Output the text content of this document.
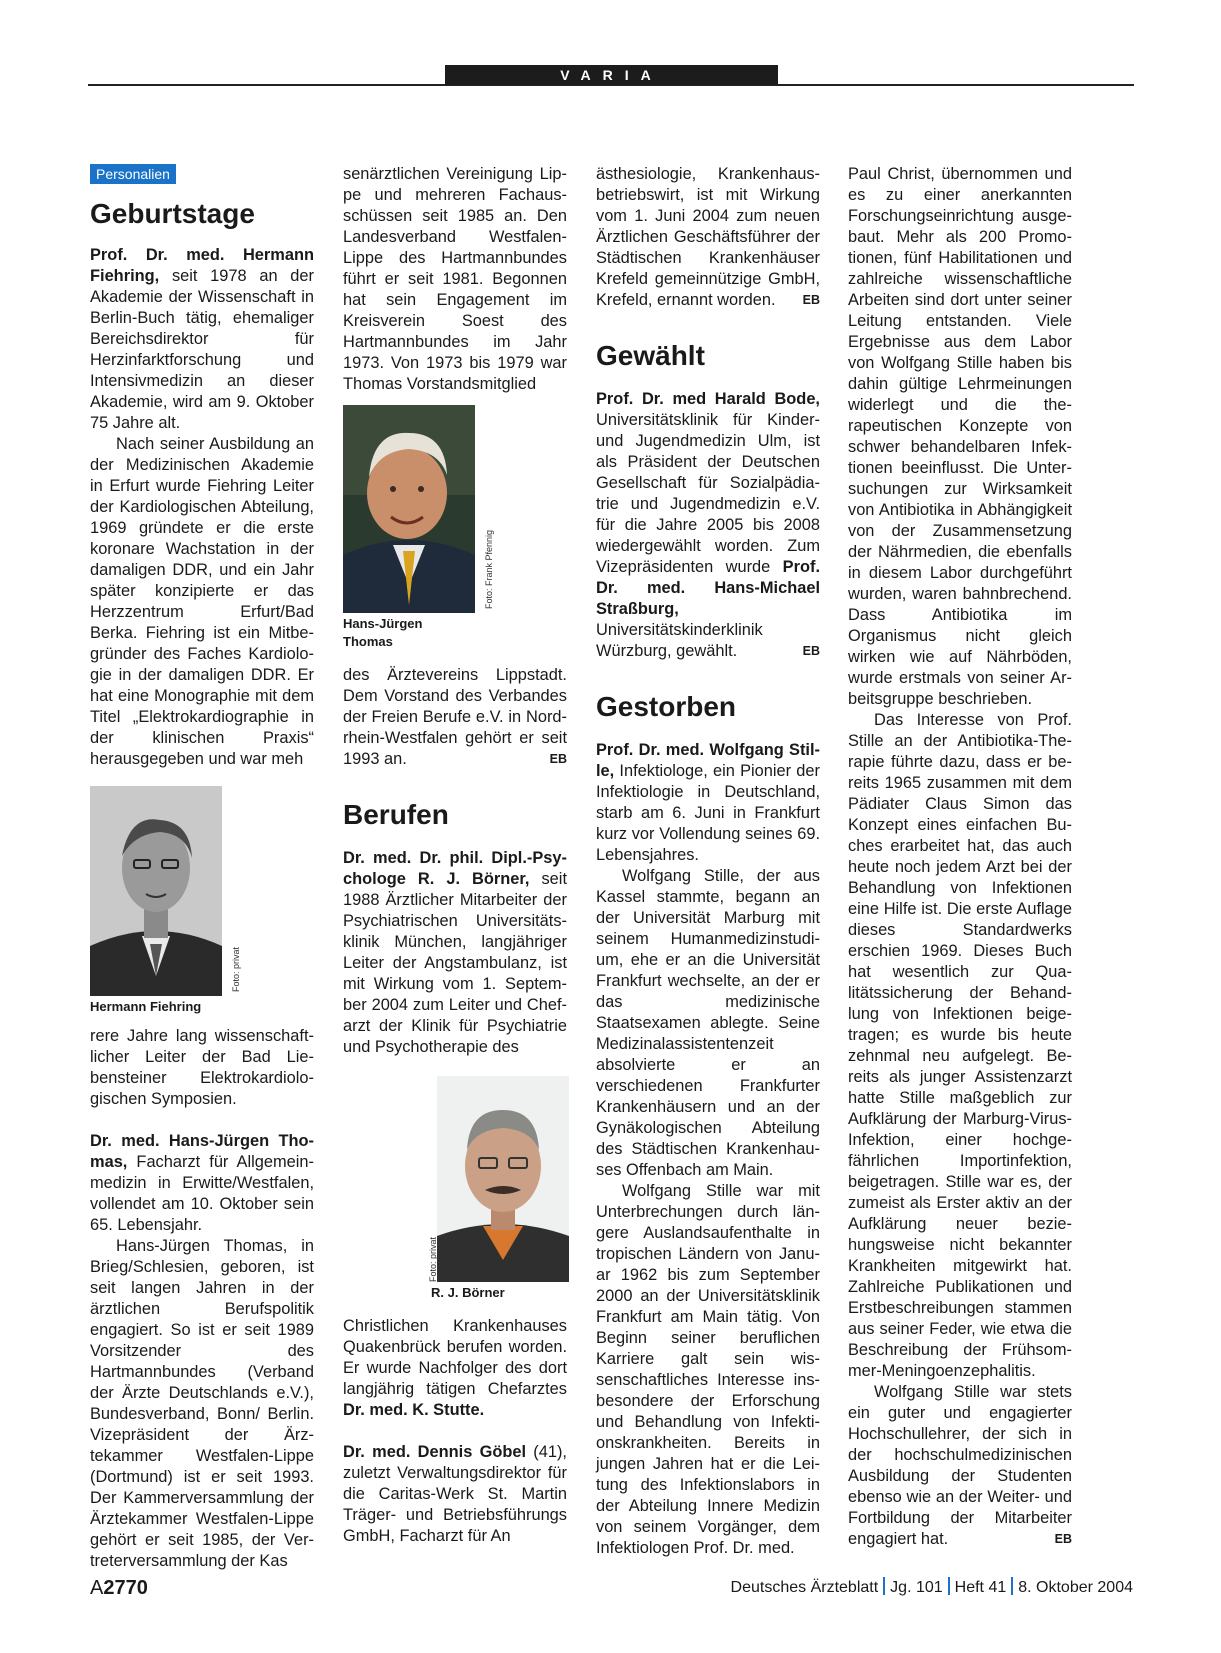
VARIA
Personalien
Geburtstage

Prof. Dr. med. Hermann Fiehring, seit 1978 an der Akademie der Wissenschaft in Berlin-Buch tätig, ehemaliger Bereichsdirektor für Herzinfarktforschung und Intensivmedizin an dieser Akademie, wird am 9. Oktober 75 Jahre alt.

Nach seiner Ausbildung an der Medizinischen Akademie in Erfurt wurde Fiehring Leiter der Kardiologischen Abteilung, 1969 gründete er die erste koronare Wachstation in der damaligen DDR, und ein Jahr später konzipierte er das Herzzentrum Erfurt/Bad Berka. Fiehring ist ein Mitbegründer des Faches Kardiologie in der damaligen DDR. Er hat eine Monographie mit dem Titel „Elektrokardiographie in der klinischen Praxis“ herausgegeben und war meh

Foto: privat
Hermann Fiehring

rere Jahre lang wissenschaftlicher Leiter der Bad Liebensteiner Elektrokardiologischen Symposien.

Dr. med. Hans-Jürgen Thomas, Facharzt für Allgemeinmedizin in Erwitte/Westfalen, vollendet am 10. Oktober sein 65. Lebensjahr.

Hans-Jürgen Thomas, in Brieg/Schlesien, geboren, ist seit langen Jahren in der ärztlichen Berufspolitik engagiert. So ist er seit 1989 Vorsitzender des Hartmannbundes (Verband der Ärzte Deutschlands e.V.), Bundesverband, Bonn/ Berlin. Vizepräsident der Ärztekammer Westfalen-Lippe (Dortmund) ist er seit 1993. Der Kammerversammlung der Ärztekammer Westfalen-Lippe gehört er seit 1985, der Vertreterversammlung der Kas

senärztlichen Vereinigung Lippe und mehreren Fachausschüssen seit 1985 an. Den Landesverband Westfalen-Lippe des Hartmannbundes führt er seit 1981. Begonnen hat sein Engagement im Kreisverein Soest des Hartmannbundes im Jahr 1973. Von 1973 bis 1979 war Thomas Vorstandsmitglied

Foto: Frank Pfennig
Hans-Jürgen Thomas

des Ärztevereins Lippstadt. Dem Vorstand des Verbandes der Freien Berufe e.V. in Nordrhein-Westfalen gehört er seit 1993 an.	EB

Berufen

Dr. med. Dr. phil. Dipl.-Psychologe R. J. Börner, seit 1988 Ärztlicher Mitarbeiter der Psychiatrischen Universitätsklinik München, langjähriger Leiter der Angstambulanz, ist mit Wirkung vom 1. September 2004 zum Leiter und Chefarzt der Klinik für Psychiatrie und Psychotherapie des

Foto: privat
R. J. Börner

Christlichen Krankenhauses Quakenbrück berufen worden. Er wurde Nachfolger des dort langjährig tätigen Chefarztes Dr. med. K. Stutte.

Dr. med. Dennis Göbel (41), zuletzt Verwaltungsdirektor für die Caritas-Werk St. Martin Träger- und Betriebsführungs GmbH, Facharzt für An

ästhesiologie, Krankenhausbetriebswirt, ist mit Wirkung vom 1. Juni 2004 zum neuen Ärztlichen Geschäftsführer der Städtischen Krankenhäuser Krefeld gemeinnützige GmbH, Krefeld, ernannt worden. EB

Gewählt

Prof. Dr. med Harald Bode, Universitätsklinik für Kinder- und Jugendmedizin Ulm, ist als Präsident der Deutschen Gesellschaft für Sozialpädiatrie und Jugendmedizin e.V. für die Jahre 2005 bis 2008 wiedergewählt worden. Zum Vizepräsidenten wurde Prof. Dr. med. Hans-Michael Straßburg, Universitätskinderklinik Würzburg, gewählt.	EB

Gestorben

Prof. Dr. med. Wolfgang Stille, Infektiologe, ein Pionier der Infektiologie in Deutschland, starb am 6. Juni in Frankfurt kurz vor Vollendung seines 69. Lebensjahres.

Wolfgang Stille, der aus Kassel stammte, begann an der Universität Marburg mit seinem Humanmedizinstudium, ehe er an die Universität Frankfurt wechselte, an der er das medizinische Staatsexamen ablegte. Seine Medizinalassistentenzeit absolvierte er an verschiedenen Frankfurter Krankenhäusern und an der Gynäkologischen Abteilung des Städtischen Krankenhauses Offenbach am Main.

Wolfgang Stille war mit Unterbrechungen durch längere Auslandsaufenthalte in tropischen Ländern von Januar 1962 bis zum September 2000 an der Universitätsklinik Frankfurt am Main tätig. Von Beginn seiner beruflichen Karriere galt sein wissenschaftliches Interesse insbesondere der Erforschung und Behandlung von Infektionskrankheiten. Bereits in jungen Jahren hat er die Leitung des Infektionslabors in der Abteilung Innere Medizin von seinem Vorgänger, dem Infektiologen Prof. Dr. med.

Paul Christ, übernommen und es zu einer anerkannten Forschungseinrichtung ausgebaut. Mehr als 200 Promotionen, fünf Habilitationen und zahlreiche wissenschaftliche Arbeiten sind dort unter seiner Leitung entstanden. Viele Ergebnisse aus dem Labor von Wolfgang Stille haben bis dahin gültige Lehrmeinungen widerlegt und die therapeutischen Konzepte von schwer behandelbaren Infektionen beeinflusst. Die Untersuchungen zur Wirksamkeit von Antibiotika in Abhängigkeit von der Zusammensetzung der Nährmedien, die ebenfalls in diesem Labor durchgeführt wurden, waren bahnbrechend. Dass Antibiotika im Organismus nicht gleich wirken wie auf Nährböden, wurde erstmals von seiner Arbeitsgruppe beschrieben.

Das Interesse von Prof. Stille an der Antibiotika-Therapie führte dazu, dass er bereits 1965 zusammen mit dem Pädiater Claus Simon das Konzept eines einfachen Buches erarbeitet hat, das auch heute noch jedem Arzt bei der Behandlung von Infektionen eine Hilfe ist. Die erste Auflage dieses Standardwerks erschien 1969. Dieses Buch hat wesentlich zur Qualitätssicherung der Behandlung von Infektionen beigetragen; es wurde bis heute zehnmal neu aufgelegt. Bereits als junger Assistenzarzt hatte Stille maßgeblich zur Aufklärung der Marburg-Virus-Infektion, einer hochgefährlichen Importinfektion, beigetragen. Stille war es, der zumeist als Erster aktiv an der Aufklärung neuer beziehungsweise nicht bekannter Krankheiten mitgewirkt hat. Zahlreiche Publikationen und Erstbeschreibungen stammen aus seiner Feder, wie etwa die Beschreibung der Frühsommer-Meningoenzephalitis.

Wolfgang Stille war stets ein guter und engagierter Hochschullehrer, der sich in der hochschulmedizinischen Ausbildung der Studenten ebenso wie an der Weiter- und Fortbildung der Mitarbeiter engagiert hat.	EB

A2770	Deutsches Ärzteblatt Jg. 101 Heft 41 8. Oktober 2004
